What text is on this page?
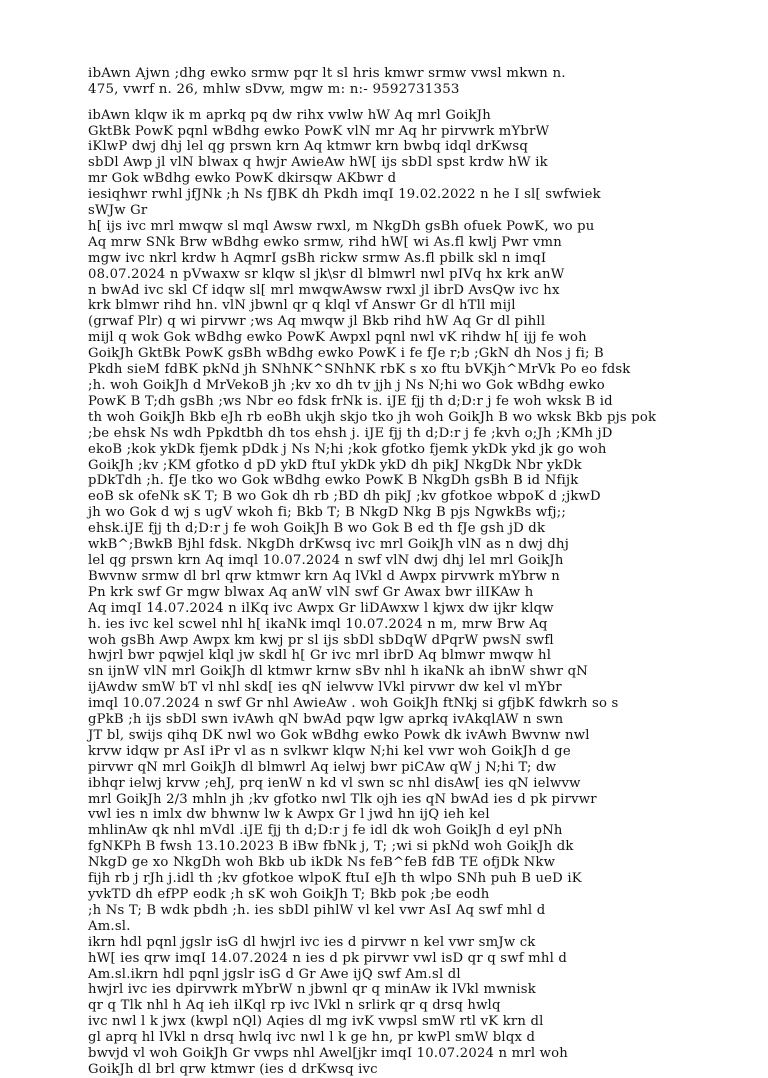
ibAwn Ajwn ;dhg ewko srmw pqr lt sl hris kmwr srmw vwsl mkwn n.
475, vwrf n. 26, mhlw sDvw, mgw m: n:- 9592731353
ibAwn klqw ik m aprkq pq dw rihx vwlw hW Aq mrl GoikJh
GktBk PowK pqnl wBdhg ewko PowK vlN mr Aq hr pirvwrk mYbrW
iKlwP dwj dhj lel qg prswn krn Aq ktmwr krn bwbq idql drKwsq
sbDl Awp jl vlN blwax q hwjr AwieAw hW[ ijs sbDl spst krdw hW ik
mr Gok wBdhg ewko PowK dkirsqw AKbwr d
iesiqhwr rwhl jfJNk ;h Ns fJBK dh Pkdh imqI 19.02.2022 n he I sl[ swfwiek
sWJw Gr
h[ ijs ivc mrl mwqw sl mql Awsw rwxl, m NkgDh gsBh ofuek PowK, wo pu
Aq mrw SNk Brw wBdhg ewko srmw, rihd hW[ wi As.fl kwlj Pwr vmn
mgw ivc nkrl krdw h AqmrI gsBh rickw srmw As.fl pbilk skl n imqI
08.07.2024 n pVwaxw sr klqw sl jk\sr dl blmwrl nwl pIVq hx krk anW
n bwAd ivc skl Cf idqw sl[ mrl mwqwAwsw rwxl jl ibrD AvsQw ivc hx
krk blmwr rihd hn. vlN jbwnl qr q klql vf Answr Gr dl hTll mijl
(grwaf Plr) q wi pirvwr ;ws Aq mwqw jl Bkb rihd hW Aq Gr dl pihll
mijl q wok Gok wBdhg ewko PowK Awpxl pqnl nwl vK rihdw h[ ijj fe woh
GoikJh GktBk PowK gsBh wBdhg ewko PowK i fe fJe r;b ;GkN dh Nos j fi; B
Pkdh sieM fdBK pkNd jh SNhNK^SNhNK rbK s xo ftu bVKjh^MrVk Po eo fdsk
;h. woh GoikJh d MrVekoB jh ;kv xo dh tv jjh j Ns N;hi wo Gok wBdhg ewko
PowK B T;dh gsBh ;ws Nbr eo fdsk frNk is. iJE fjj th d;D:r j fe woh wksk B id
th woh GoikJh Bkb eJh rb eoBh ukjh skjo tko jh woh GoikJh B wo wksk Bkb pjs pok
;be ehsk Ns wdh Ppkdtbh dh tos ehsh j. iJE fjj th d;D:r j fe ;kvh o;Jh ;KMh jD
ekoB ;kok ykDk fjemk pDdk j Ns N;hi ;kok gfotko fjemk ykDk ykd jk go woh
GoikJh ;kv ;KM gfotko d pD ykD ftuI ykDk ykD dh pikJ NkgDk Nbr ykDk
pDkTdh ;h. fJe tko wo Gok wBdhg ewko PowK B NkgDh gsBh B id Nfijk
eoB sk ofeNk sK T; B wo Gok dh rb ;BD dh pikJ ;kv gfotkoe wbpoK d ;jkwD
jh wo Gok d wj s ugV wkoh fi; Bkb T; B NkgD Nkg B pjs NgwkBs wfj;;
ehsk.iJE fjj th d;D:r j fe woh GoikJh B wo Gok B ed th fJe gsh jD dk
wkB^;BwkB Bjhl fdsk. NkgDh drKwsq ivc mrl GoikJh vlN as n dwj dhj
lel qg prswn krn Aq imql 10.07.2024 n swf vlN dwj dhj lel mrl GoikJh
Bwvnw srmw dl brl qrw ktmwr krn Aq lVkl d Awpx pirvwrk mYbrw n
Pn krk swf Gr mgw blwax Aq anW vlN swf Gr Awax bwr ilIKAw h
Aq imqI 14.07.2024 n ilKq ivc Awpx Gr liDAwxw l kjwx dw ijkr klqw
h. ies ivc kel scwel nhl h[ ikaNk imql 10.07.2024 n m, mrw Brw Aq
woh gsBh Awp Awpx km kwj pr sl ijs sbDl sbDqW dPqrW pwsN swfl
hwjrl bwr pqwjel klql jw skdl h[ Gr ivc mrl ibrD Aq blmwr mwqw hl
sn ijnW vlN mrl GoikJh dl ktmwr krnw sBv nhl h ikaNk ah ibnW shwr qN
ijAwdw smW bT vl nhl skd[ ies qN ielwvw lVkl pirvwr dw kel vl mYbr
imql 10.07.2024 n swf Gr nhl AwieAw . woh GoikJh ftNkj si gfjbK fdwkrh so s
gPkB ;h ijs sbDl swn ivAwh qN bwAd pqw lgw aprkq ivAkqlAW n swn
JT bl, swijs qihq DK nwl wo Gok wBdhg ewko Powk dk ivAwh Bwvnw nwl
krvw idqw pr AsI iPr vl as n svlkwr klqw N;hi kel vwr woh GoikJh d ge
pirvwr qN mrl GoikJh dl blmwrl Aq ielwj bwr piCAw qW j N;hi T; dw
ibhqr ielwj krvw ;ehJ, prq ienW n kd vl swn sc nhl disAw[ ies qN ielwvw
mrl GoikJh 2/3 mhln jh ;kv gfotko nwl Tlk ojh ies qN bwAd ies d pk pirvwr
vwl ies n imlx dw bhwnw lw k Awpx Gr l jwd hn ijQ ieh kel
mhlinAw qk nhl mVdl .iJE fjj th d;D:r j fe idl dk woh GoikJh d eyl pNh
fgNKPh B fwsh 13.10.2023 B iBw fbNk j, T; ;wi si pkNd woh GoikJh dk
NkgD ge xo NkgDh woh Bkb ub ikDk Ns feB^feB fdB TE ofjDk Nkw
fijh rb j rJh j.idl th ;kv gfotkoe wlpoK ftuI eJh th wlpo SNh puh B ueD iK
yvkTD dh efPP eodk ;h sK woh GoikJh T; Bkb pok ;be eodh
;h Ns T; B wdk pbdh ;h. ies sbDl pihlW vl kel vwr AsI Aq swf mhl d
Am.sl.
ikrn hdl pqnl jgslr isG dl hwjrl ivc ies d pirvwr n kel vwr smJw ck
hW[ ies qrw imqI 14.07.2024 n ies d pk pirvwr vwl isD qr q swf mhl d
Am.sl.ikrn hdl pqnl jgslr isG d Gr Awe ijQ swf Am.sl dl
hwjrl ivc ies dpirvwrk mYbrW n jbwnl qr q minAw ik lVkl mwnisk
qr q Tlk nhl h Aq ieh ilKql rp ivc lVkl n srlirk qr q drsq hwlq
ivc nwl l k jwx (kwpl nQl) Aqies dl mg ivK vwpsl smW rtl vK krn dl
gl aprq hl lVkl n drsq hwlq ivc nwl l k ge hn, pr kwPl smW blqx d
bwvjd vl woh GoikJh Gr vwps nhl Awel[jkr imqI 10.07.2024 n mrl woh
GoikJh dl brl qrw ktmwr (ies d drKwsq ivc
